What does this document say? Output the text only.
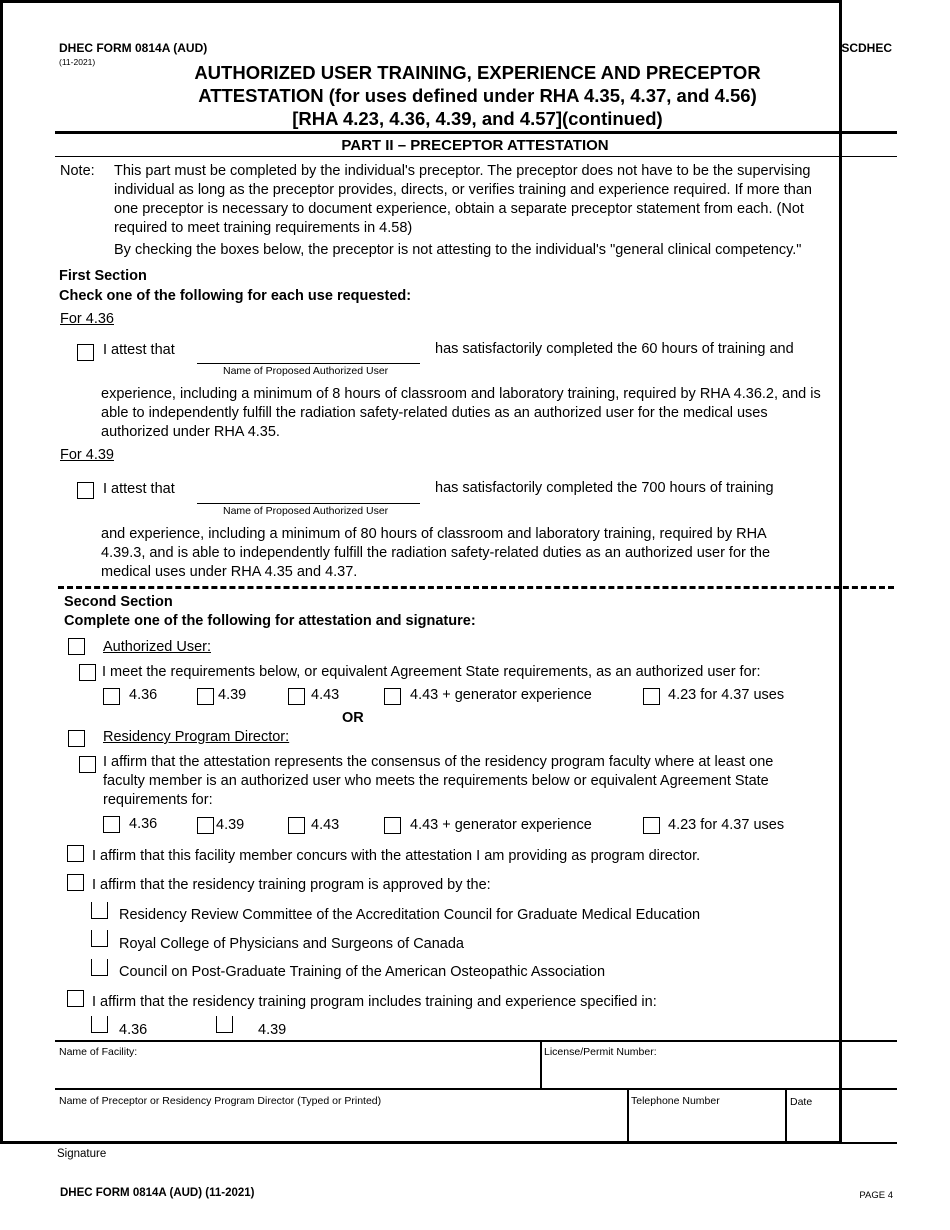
DHEC FORM 0814A (AUD)
(11-2021)
SCDHEC
AUTHORIZED USER TRAINING, EXPERIENCE AND PRECEPTOR
ATTESTATION (for uses defined under RHA 4.35, 4.37, and 4.56)
[RHA 4.23, 4.36, 4.39, and 4.57](continued)
PART II – PRECEPTOR ATTESTATION
Note: This part must be completed by the individual's preceptor. The preceptor does not have to be the supervising
individual as long as the preceptor provides, directs, or verifies training and experience required. If more than
one preceptor is necessary to document experience, obtain a separate preceptor statement from each. (Not
required to meet training requirements in 4.58)
By checking the boxes below, the preceptor is not attesting to the individual's "general clinical competency."
First Section
Check one of the following for each use requested:
For 4.36
I attest that
Name of Proposed Authorized User
has satisfactorily completed the 60 hours of training and
experience, including a minimum of 8 hours of classroom and laboratory training, required by RHA 4.36.2, and is
able to independently fulfill the radiation safety-related duties as an authorized user for the medical uses
authorized under RHA 4.35.
For 4.39
I attest that
Name of Proposed Authorized User
has satisfactorily completed the 700 hours of training
and experience, including a minimum of 80 hours of classroom and laboratory training, required by RHA
4.39.3, and is able to independently fulfill the radiation safety-related duties as an authorized user for the
medical uses under RHA 4.35 and 4.37.
Second Section
Complete one of the following for attestation and signature:
Authorized User:
I meet the requirements below, or equivalent Agreement State requirements, as an authorized user for:
4.36	4.39	4.43	4.43 + generator experience	4.23 for 4.37 uses
OR
Residency Program Director:
I affirm that the attestation represents the consensus of the residency program faculty where at least one
faculty member is an authorized user who meets the requirements below or equivalent Agreement State
requirements for:
4.36	4.39	4.43	4.43 + generator experience	4.23 for 4.37 uses
I affirm that this facility member concurs with the attestation I am providing as program director.
I affirm that the residency training program is approved by the:
Residency Review Committee of the Accreditation Council for Graduate Medical Education
Royal College of Physicians and Surgeons of Canada
Council on Post-Graduate Training of the American Osteopathic Association
I affirm that the residency training program includes training and experience specified in:
4.36	4.39
Name of Facility:	License/Permit Number:
Name of Preceptor or Residency Program Director (Typed or Printed)	Telephone Number	Date
Signature
DHEC FORM 0814A (AUD) (11-2021)	PAGE 4
